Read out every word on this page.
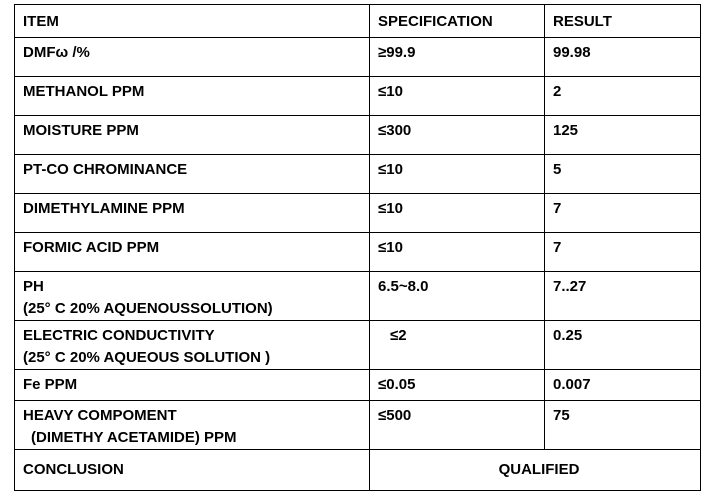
ITEM	SPECIFICATION	RESULT

DMFω /%	≥99.9	99.98

METHANOL PPM	≤10	2

MOISTURE PPM	≤300	125

PT-CO CHROMINANCE	≤10	5

DIMETHYLAMINE PPM	≤10	7

FORMIC ACID PPM	≤10	7

PH
(25° C 20% AQUENOUSSOLUTION)	6.5~8.0	7..27

ELECTRIC CONDUCTIVITY
(25° C 20% AQUEOUS SOLUTION )	≤2	0.25

Fe PPM	≤0.05	0.007

HEAVY COMPOMENT
(DIMETHY ACETAMIDE) PPM	≤500	75
CONCLUSION	QUALIFIED	
